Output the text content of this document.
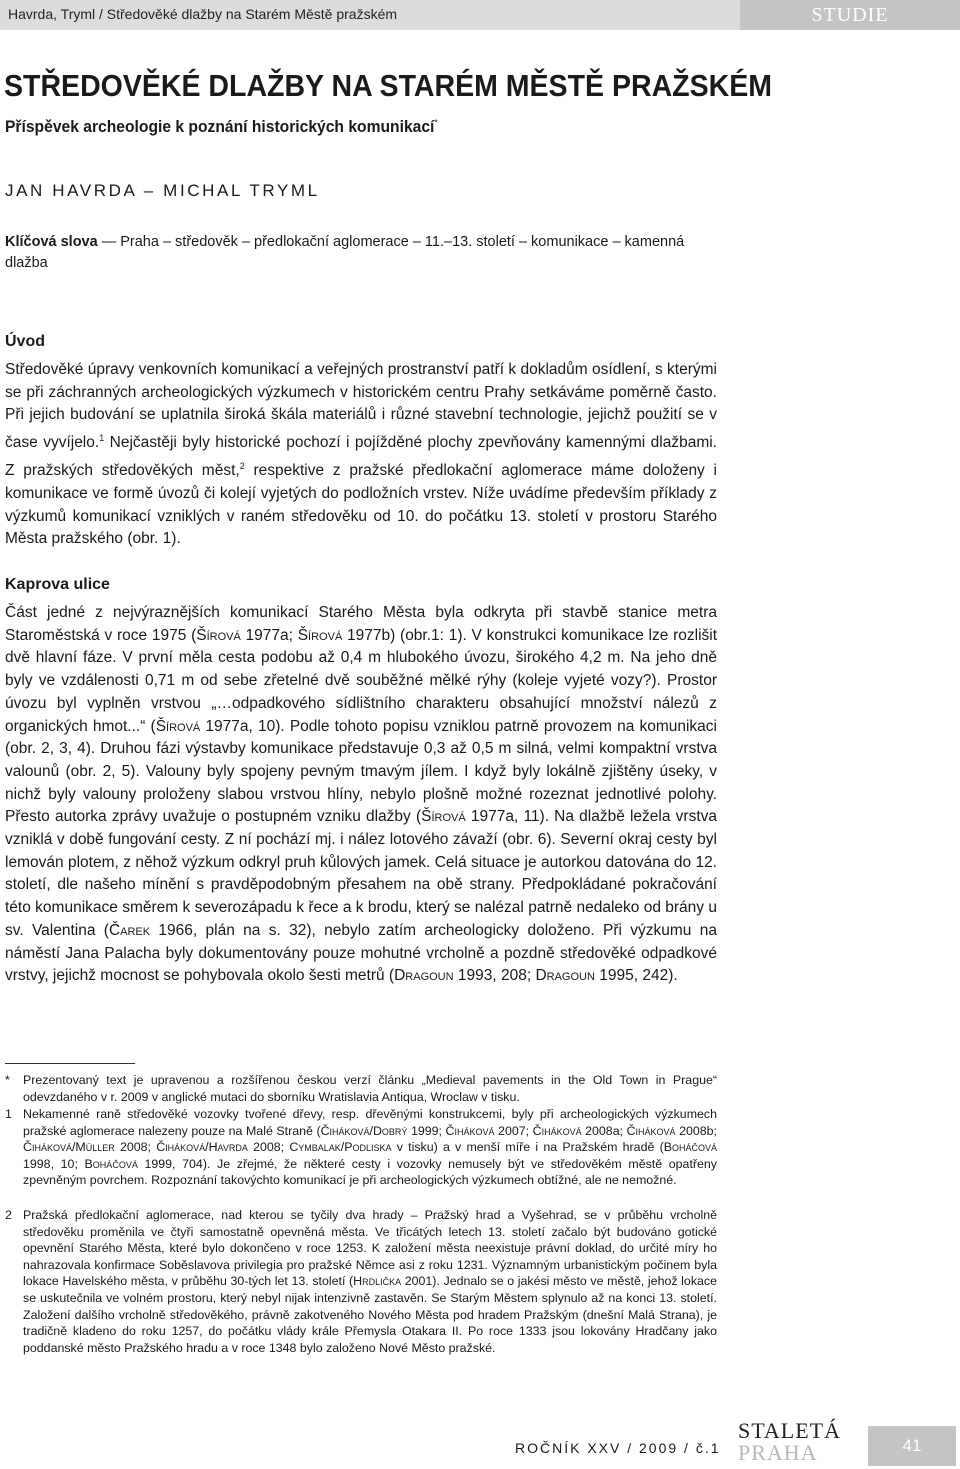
Havrda, Tryml / Středověké dlažby na Starém Městě pražském	STUDIE
STŘEDOVĚKÉ DLAŽBY NA STARÉM MĚSTĚ PRAŽSKÉM
Příspěvek archeologie k poznání historických komunikací*
JAN HAVRDA – MICHAL TRYML
Klíčová slova — Praha – středověk – předlokační aglomerace – 11.–13. století – komunikace – kamenná dlažba
Úvod

Středověké úpravy venkovních komunikací a veřejných prostranství patří k dokladům osídlení, s kterými se při záchranných archeologických výzkumech v historickém centru Prahy setkáváme poměrně často. Při jejich budování se uplatnila široká škála materiálů i různé stavební technologie, jejichž použití se v čase vyvíjelo.$^1$ Nejčastěji byly historické pochozí i pojížděné plochy zpevňovány kamennými dlažbami. Z pražských středověkých měst,$^2$ respektive z pražské předlokační aglomerace máme doloženy i komunikace ve formě úvozů či kolejí vyjetých do podložních vrstev. Níže uvádíme především příklady z výzkumů komunikací vzniklých v raném středověku od 10. do počátku 13. století v prostoru Starého Města pražského (obr. 1).

Kaprova ulice

Část jedné z nejvýraznějších komunikací Starého Města byla odkryta při stavbě stanice metra Staroměstská v roce 1975 (Šírová 1977a; Šírová 1977b) (obr.1: 1). V konstrukci komunikace lze rozlišit dvě hlavní fáze. V první měla cesta podobu až 0,4 m hlubokého úvozu, širokého 4,2 m. Na jeho dně byly ve vzdálenosti 0,71 m od sebe zřetelné dvě souběžné mělké rýhy (koleje vyjeté vozy?). Prostor úvozu byl vyplněn vrstvou „…odpadkového sídlištního charakteru obsahující množství nálezů z organických hmot...“ (Šírová 1977a, 10). Podle tohoto popisu vzniklou patrně provozem na komunikaci (obr. 2, 3, 4). Druhou fázi výstavby komunikace představuje 0,3 až 0,5 m silná, velmi kompaktní vrstva valounů (obr. 2, 5). Valouny byly spojeny pevným tmavým jílem. I když byly lokálně zjištěny úseky, v nichž byly valouny proloženy slabou vrstvou hlíny, nebylo plošně možné rozeznat jednotlivé polohy. Přesto autorka zprávy uvažuje o postupném vzniku dlažby (Šírová 1977a, 11). Na dlažbě ležela vrstva vzniklá v době fungování cesty. Z ní pochází mj. i nález lotového závaží (obr. 6). Severní okraj cesty byl lemován plotem, z něhož výzkum odkryl pruh kůlových jamek. Celá situace je autorkou datována do 12. století, dle našeho mínění s pravděpodobným přesahem na obě strany. Předpokládané pokračování této komunikace směrem k severozápadu k řece a k brodu, který se nalézal patrně nedaleko od brány u sv. Valentina (Čarek 1966, plán na s. 32), nebylo zatím archeologicky doloženo. Při výzkumu na náměstí Jana Palacha byly dokumentovány pouze mohutné vrcholně a pozdně středověké odpadkové vrstvy, jejichž mocnost se pohybovala okolo šesti metrů (Dragoun 1993, 208; Dragoun 1995, 242).

* Prezentovaný text je upravenou a rozšířenou českou verzí článku „Medieval pavements in the Old Town in Prague“ odevzdaného v r. 2009 v anglické mutaci do sborníku Wratislavia Antiqua, Wroclaw v tisku.
1 Nekamenné raně středověké vozovky tvořené dřevy, resp. dřevěnými konstrukcemi, byly při archeologických výzkumech pražské aglomerace nalezeny pouze na Malé Straně (Čiháková/Dobrý 1999; Čiháková 2007; Čiháková 2008a; Čiháková 2008b; Čiháková/Müller 2008; Čiháková/Havrda 2008; Cymbalak/Podliska v tisku) a v menší míře i na Pražském hradě (Boháčová 1998, 10; Boháčová 1999, 704). Je zřejmé, že některé cesty i vozovky nemusely být ve středověkém městě opatřeny zpevněným povrchem. Rozpoznání takovýchto komunikací je při archeologických výzkumech obtížné, ale ne nemožné.
2 Pražská předlokační aglomerace, nad kterou se tyčily dva hrady – Pražský hrad a Vyšehrad, se v průběhu vrcholně středověku proměnila ve čtyři samostatně opevněná města. Ve třicátých letech 13. století začalo být budováno gotické opevnění Starého Města, které bylo dokončeno v roce 1253. K založení města neexistuje právní doklad, do určité míry ho nahrazovala konfirmace Soběslavova privilegia pro pražské Němce asi z roku 1231. Významným urbanistickým počinem byla lokace Havelského města, v průběhu 30-tých let 13. století (Hrdlička 2001). Jednalo se o jakési město ve městě, jehož lokace se uskutečnila ve volném prostoru, který nebyl nijak intenzivně zastavěn. Se Starým Městem splynulo až na konci 13. století. Založení dalšího vrcholně středověkého, právně zakotveného Nového Města pod hradem Pražským (dnešní Malá Strana), je tradičně kladeno do roku 1257, do počátku vlády krále Přemysla Otakara II. Po roce 1333 jsou lokovány Hradčany jako poddanské město Pražského hradu a v roce 1348 bylo založeno Nové Město pražské.
ROČNÍK XXV / 2009 / č.1
STALETÁ
PRAHA	41
